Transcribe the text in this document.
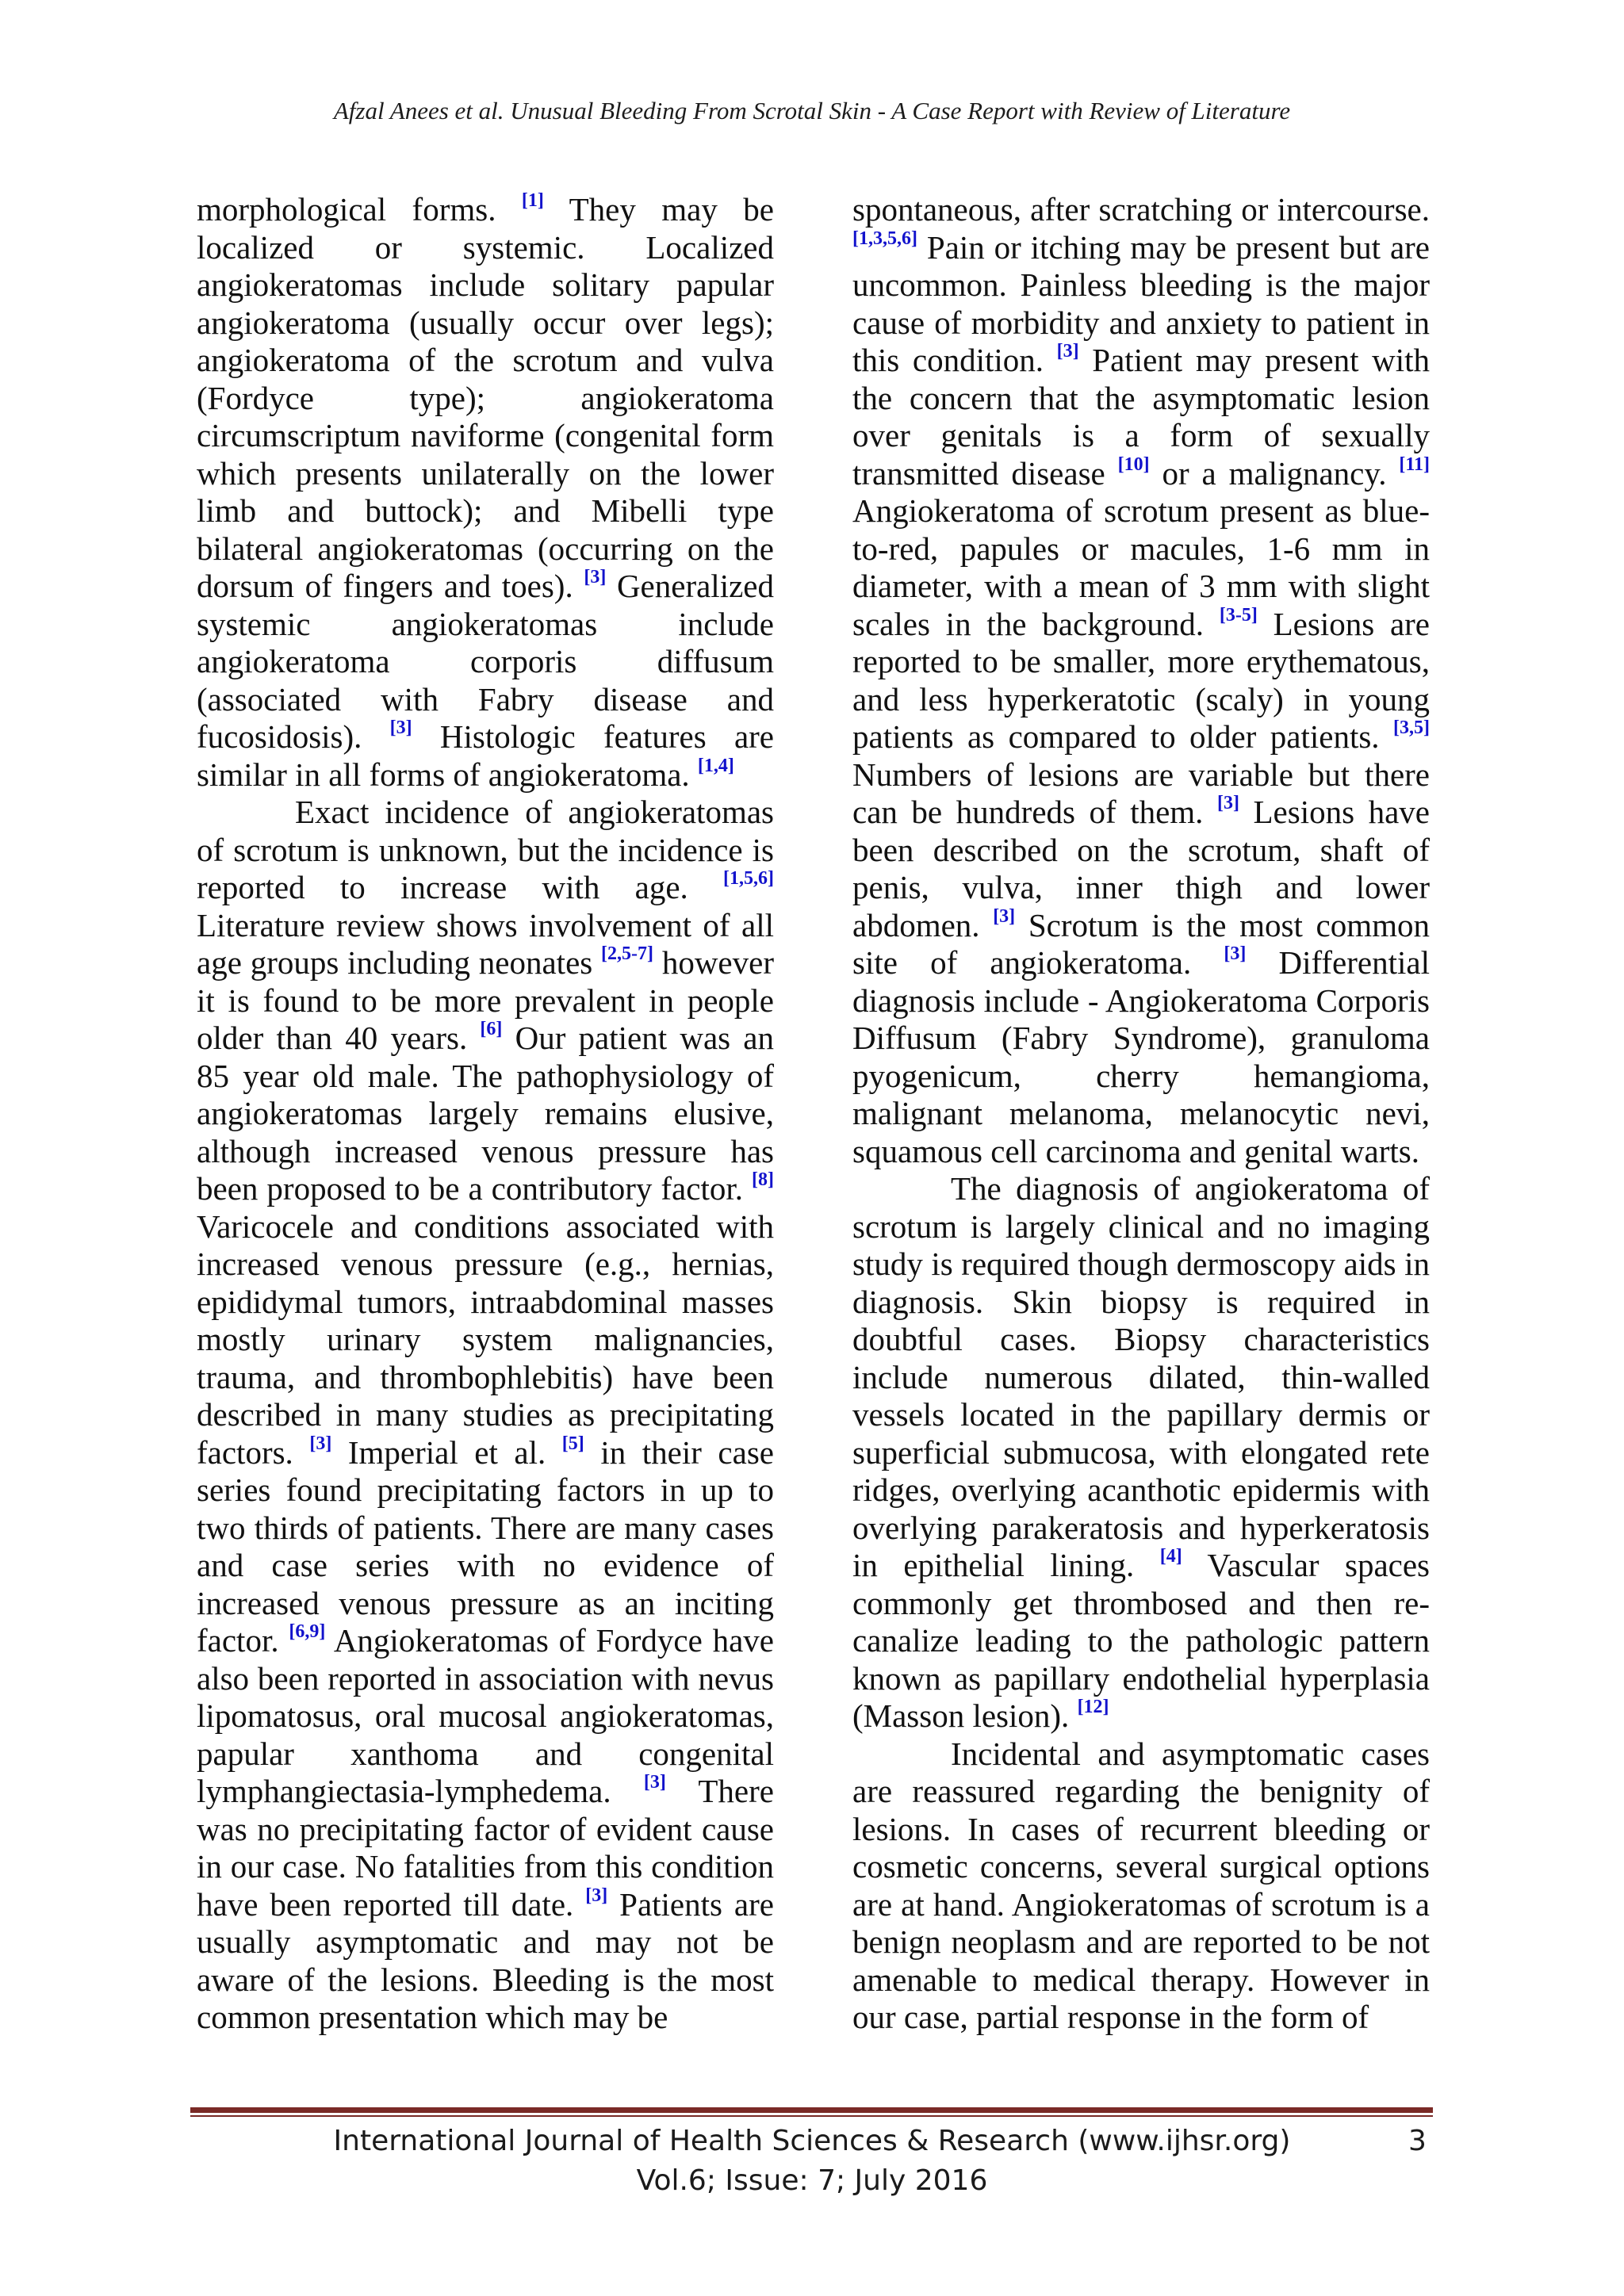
Afzal Anees et al. Unusual Bleeding From Scrotal Skin - A Case Report with Review of Literature

morphological forms. [1] They may be localized or systemic. Localized angiokeratomas include solitary papular angiokeratoma (usually occur over legs); angiokeratoma of the scrotum and vulva (Fordyce type); angiokeratoma circumscriptum naviforme (congenital form which presents unilaterally on the lower limb and buttock); and Mibelli type bilateral angiokeratomas (occurring on the dorsum of fingers and toes). [3] Generalized systemic angiokeratomas include angiokeratoma corporis diffusum (associated with Fabry disease and fucosidosis). [3] Histologic features are similar in all forms of angiokeratoma. [1,4]

Exact incidence of angiokeratomas of scrotum is unknown, but the incidence is reported to increase with age. [1,5,6] Literature review shows involvement of all age groups including neonates [2,5-7] however it is found to be more prevalent in people older than 40 years. [6] Our patient was an 85 year old male. The pathophysiology of angiokeratomas largely remains elusive, although increased venous pressure has been proposed to be a contributory factor. [8] Varicocele and conditions associated with increased venous pressure (e.g., hernias, epididymal tumors, intraabdominal masses mostly urinary system malignancies, trauma, and thrombophlebitis) have been described in many studies as precipitating factors. [3] Imperial et al. [5] in their case series found precipitating factors in up to two thirds of patients. There are many cases and case series with no evidence of increased venous pressure as an inciting factor. [6,9] Angiokeratomas of Fordyce have also been reported in association with nevus lipomatosus, oral mucosal angiokeratomas, papular xanthoma and congenital lymphangiectasia-lymphedema. [3] There was no precipitating factor of evident cause in our case. No fatalities from this condition have been reported till date. [3] Patients are usually asymptomatic and may not be aware of the lesions. Bleeding is the most common presentation which may be

spontaneous, after scratching or intercourse. [1,3,5,6] Pain or itching may be present but are uncommon. Painless bleeding is the major cause of morbidity and anxiety to patient in this condition. [3] Patient may present with the concern that the asymptomatic lesion over genitals is a form of sexually transmitted disease [10] or a malignancy. [11] Angiokeratoma of scrotum present as blue-to-red, papules or macules, 1-6 mm in diameter, with a mean of 3 mm with slight scales in the background. [3-5] Lesions are reported to be smaller, more erythematous, and less hyperkeratotic (scaly) in young patients as compared to older patients. [3,5] Numbers of lesions are variable but there can be hundreds of them. [3] Lesions have been described on the scrotum, shaft of penis, vulva, inner thigh and lower abdomen. [3] Scrotum is the most common site of angiokeratoma. [3] Differential diagnosis include - Angiokeratoma Corporis Diffusum (Fabry Syndrome), granuloma pyogenicum, cherry hemangioma, malignant melanoma, melanocytic nevi, squamous cell carcinoma and genital warts.

The diagnosis of angiokeratoma of scrotum is largely clinical and no imaging study is required though dermoscopy aids in diagnosis. Skin biopsy is required in doubtful cases. Biopsy characteristics include numerous dilated, thin-walled vessels located in the papillary dermis or superficial submucosa, with elongated rete ridges, overlying acanthotic epidermis with overlying parakeratosis and hyperkeratosis in epithelial lining. [4] Vascular spaces commonly get thrombosed and then re-canalize leading to the pathologic pattern known as papillary endothelial hyperplasia (Masson lesion). [12]

Incidental and asymptomatic cases are reassured regarding the benignity of lesions. In cases of recurrent bleeding or cosmetic concerns, several surgical options are at hand. Angiokeratomas of scrotum is a benign neoplasm and are reported to be not amenable to medical therapy. However in our case, partial response in the form of

International Journal of Health Sciences & Research (www.ijhsr.org)
Vol.6; Issue: 7; July 2016
3
